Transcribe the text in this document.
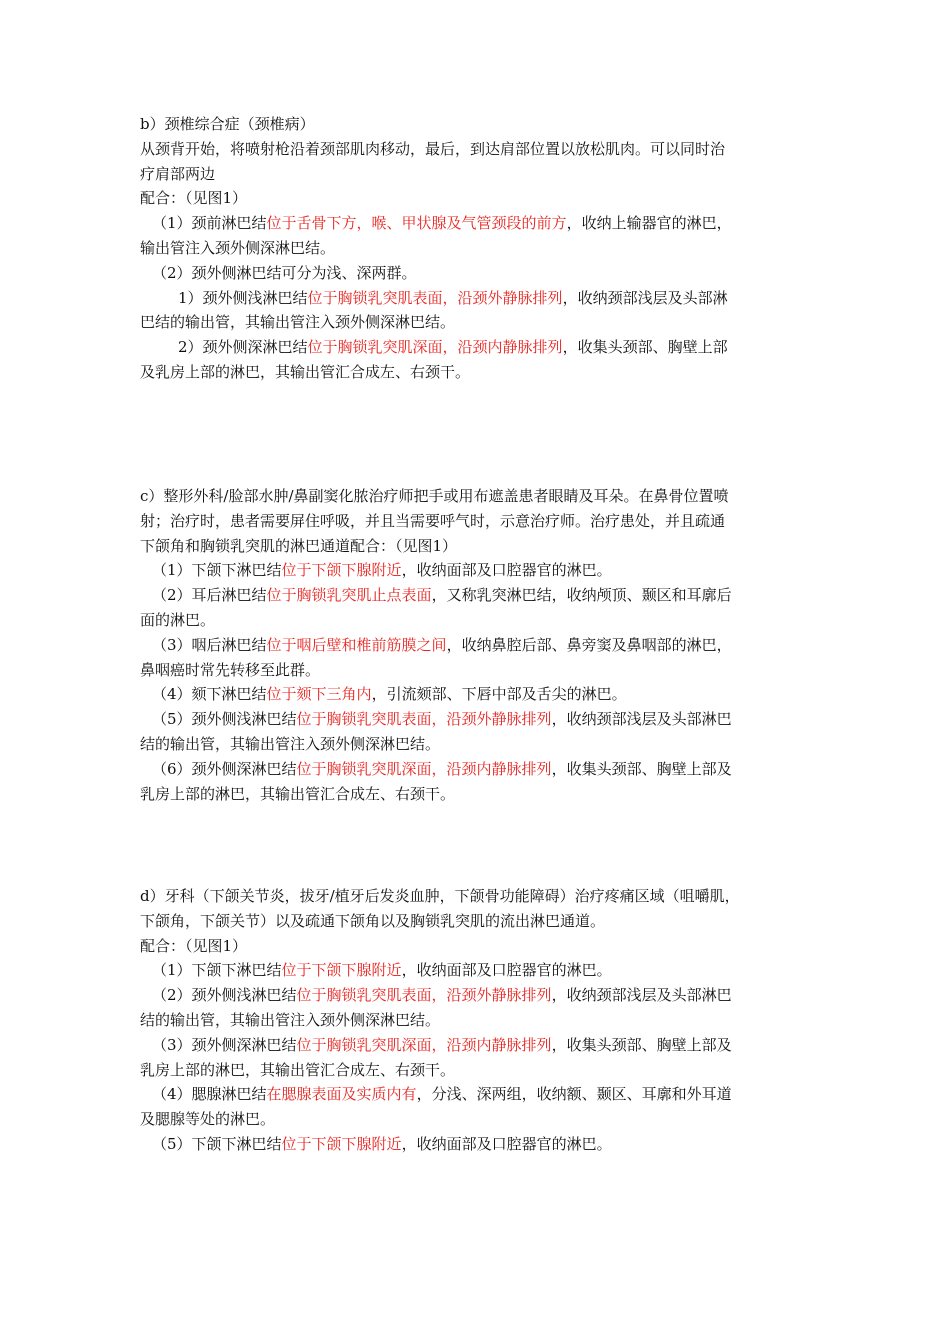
b）颈椎综合症（颈椎病）
从颈背开始，将喷射枪沿着颈部肌肉移动，最后，到达肩部位置以放松肌肉。可以同时治
疗肩部两边
配合：（见图1）
（1）颈前淋巴结位于舌骨下方，喉、甲状腺及气管颈段的前方，收纳上输器官的淋巴，
输出管注入颈外侧深淋巴结。
（2）颈外侧淋巴结可分为浅、深两群。
1）颈外侧浅淋巴结位于胸锁乳突肌表面，沿颈外静脉排列，收纳颈部浅层及头部淋
巴结的输出管，其输出管注入颈外侧深淋巴结。
2）颈外侧深淋巴结位于胸锁乳突肌深面，沿颈内静脉排列，收集头颈部、胸壁上部
及乳房上部的淋巴，其输出管汇合成左、右颈干。
c）整形外科/脸部水肿/鼻副窦化脓治疗师把手或用布遮盖患者眼睛及耳朵。在鼻骨位置喷
射；治疗时，患者需要屏住呼吸，并且当需要呼气时，示意治疗师。治疗患处，并且疏通
下颌角和胸锁乳突肌的淋巴通道配合：（见图1）
（1）下颌下淋巴结位于下颌下腺附近，收纳面部及口腔器官的淋巴。
（2）耳后淋巴结位于胸锁乳突肌止点表面，又称乳突淋巴结，收纳颅顶、颞区和耳廓后
面的淋巴。
（3）咽后淋巴结位于咽后壁和椎前筋膜之间，收纳鼻腔后部、鼻旁窦及鼻咽部的淋巴，
鼻咽癌时常先转移至此群。
（4）颏下淋巴结位于颏下三角内，引流颏部、下唇中部及舌尖的淋巴。
（5）颈外侧浅淋巴结位于胸锁乳突肌表面，沿颈外静脉排列，收纳颈部浅层及头部淋巴
结的输出管，其输出管注入颈外侧深淋巴结。
（6）颈外侧深淋巴结位于胸锁乳突肌深面，沿颈内静脉排列，收集头颈部、胸壁上部及
乳房上部的淋巴，其输出管汇合成左、右颈干。
d）牙科（下颌关节炎，拔牙/植牙后发炎血肿，下颌骨功能障碍）治疗疼痛区域（咀嚼肌，
下颌角，下颌关节）以及疏通下颌角以及胸锁乳突肌的流出淋巴通道。
配合：（见图1）
（1）下颌下淋巴结位于下颌下腺附近，收纳面部及口腔器官的淋巴。
（2）颈外侧浅淋巴结位于胸锁乳突肌表面，沿颈外静脉排列，收纳颈部浅层及头部淋巴
结的输出管，其输出管注入颈外侧深淋巴结。
（3）颈外侧深淋巴结位于胸锁乳突肌深面，沿颈内静脉排列，收集头颈部、胸壁上部及
乳房上部的淋巴，其输出管汇合成左、右颈干。
（4）腮腺淋巴结在腮腺表面及实质内有，分浅、深两组，收纳额、颞区、耳廓和外耳道
及腮腺等处的淋巴。
（5）下颌下淋巴结位于下颌下腺附近，收纳面部及口腔器官的淋巴。
